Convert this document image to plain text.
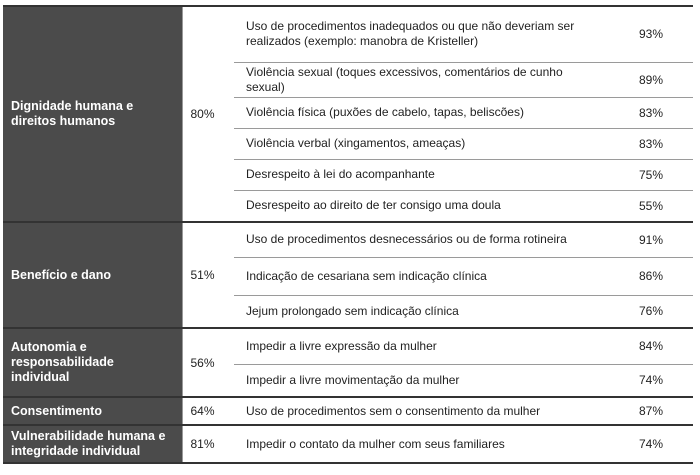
Dignidade humana e direitos humanos	80%	Uso de procedimentos inadequados ou que não deveriam ser realizados (exemplo: manobra de Kristeller)	93%
		Violência sexual (toques excessivos, comentários de cunho sexual)	89%
		Violência física (puxões de cabelo, tapas, beliscões)	83%
		Violência verbal (xingamentos, ameaças)	83%
		Desrespeito à lei do acompanhante	75%
		Desrespeito ao direito de ter consigo uma doula	55%
Benefício e dano	51%	Uso de procedimentos desnecessários ou de forma rotineira	91%
		Indicação de cesariana sem indicação clínica	86%
		Jejum prolongado sem indicação clínica	76%
Autonomia e responsabilidade individual	56%	Impedir a livre expressão da mulher	84%
		Impedir a livre movimentação da mulher	74%
Consentimento	64%	Uso de procedimentos sem o consentimento da mulher	87%
Vulnerabilidade humana e integridade individual	81%	Impedir o contato da mulher com seus familiares	74%
